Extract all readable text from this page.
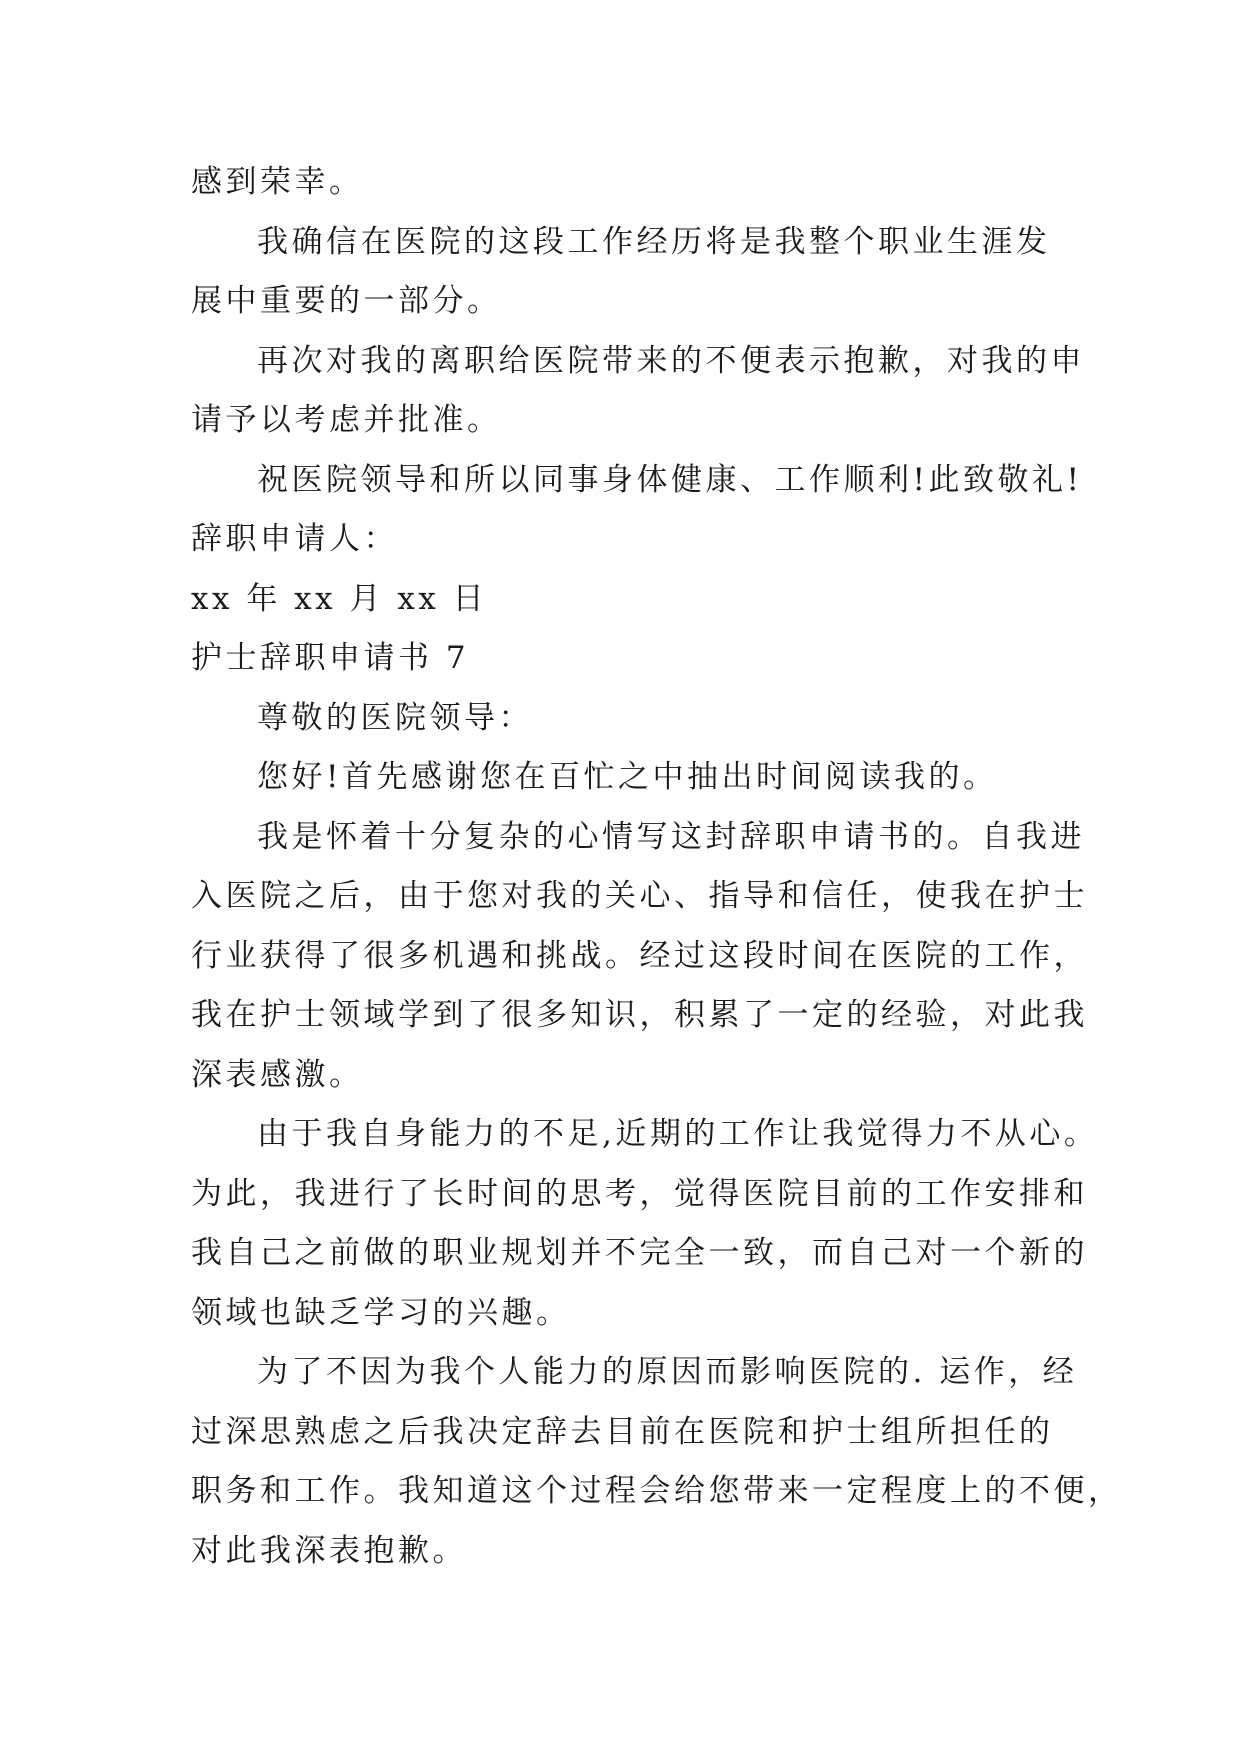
感到荣幸。
我确信在医院的这段工作经历将是我整个职业生涯发
展中重要的一部分。
再次对我的离职给医院带来的不便表示抱歉，对我的申
请予以考虑并批准。
祝医院领导和所以同事身体健康、工作顺利!此致敬礼!
辞职申请人：
xx 年 xx 月 xx 日
护士辞职申请书 7
尊敬的医院领导：
您好!首先感谢您在百忙之中抽出时间阅读我的。
我是怀着十分复杂的心情写这封辞职申请书的。自我进
入医院之后，由于您对我的关心、指导和信任，使我在护士
行业获得了很多机遇和挑战。经过这段时间在医院的工作，
我在护士领域学到了很多知识，积累了一定的经验，对此我
深表感激。
由于我自身能力的不足,近期的工作让我觉得力不从心。
为此，我进行了长时间的思考，觉得医院目前的工作安排和
我自己之前做的职业规划并不完全一致，而自己对一个新的
领域也缺乏学习的兴趣。
为了不因为我个人能力的原因而影响医院的. 运作，经
过深思熟虑之后我决定辞去目前在医院和护士组所担任的
职务和工作。我知道这个过程会给您带来一定程度上的不便，
对此我深表抱歉。
